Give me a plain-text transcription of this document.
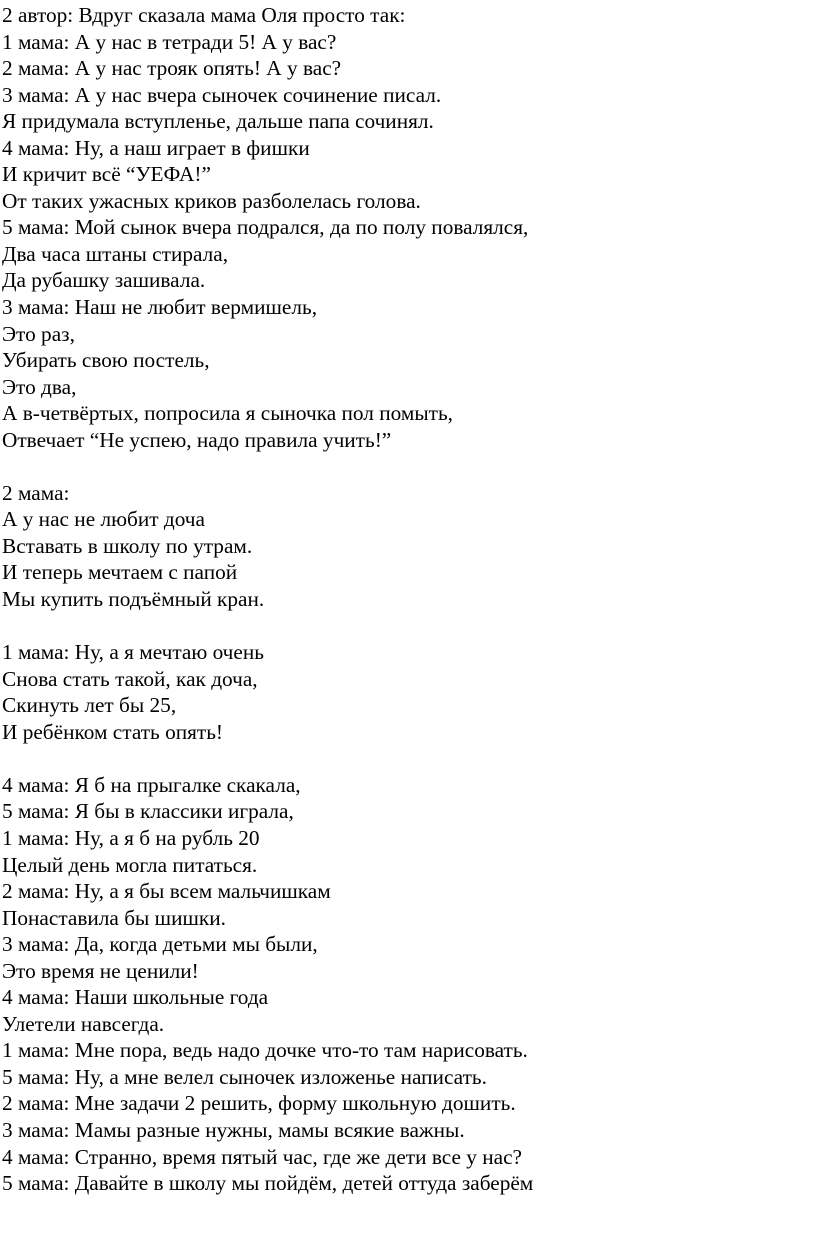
2 автор: Вдруг сказала мама Оля просто так:
1 мама: А у нас в тетради 5! А у вас?
2 мама: А у нас трояк опять! А у вас?
3 мама: А у нас вчера сыночек сочинение писал.
Я придумала вступленье, дальше папа сочинял.
4 мама: Ну, а наш играет в фишки
И кричит всё “УЕФА!”
От таких ужасных криков разболелась голова.
5 мама: Мой сынок вчера подрался, да по полу повалялся,
Два часа штаны стирала,
Да рубашку зашивала.
3 мама: Наш не любит вермишель,
Это раз,
Убирать свою постель,
Это два,
А в-четвёртых, попросила я сыночка пол помыть,
Отвечает “Не успею, надо правила учить!”
2 мама:
А у нас не любит доча
Вставать в школу по утрам.
И теперь мечтаем с папой
Мы купить подъёмный кран.
1 мама: Ну, а я мечтаю очень
Снова стать такой, как доча,
Скинуть лет бы 25,
И ребёнком стать опять!
4 мама: Я б на прыгалке скакала,
5 мама: Я бы в классики играла,
1 мама: Ну, а я б на рубль 20
Целый день могла питаться.
2 мама: Ну, а я бы всем мальчишкам
Понаставила бы шишки.
3 мама: Да, когда детьми мы были,
Это время не ценили!
4 мама: Наши школьные года
Улетели навсегда.
1 мама: Мне пора, ведь надо дочке что-то там нарисовать.
5 мама: Ну, а мне велел сыночек изложенье написать.
2 мама: Мне задачи 2 решить, форму школьную дошить.
3 мама: Мамы разные нужны, мамы всякие важны.
4 мама: Странно, время пятый час, где же дети все у нас?
5 мама: Давайте в школу мы пойдём, детей оттуда заберём
